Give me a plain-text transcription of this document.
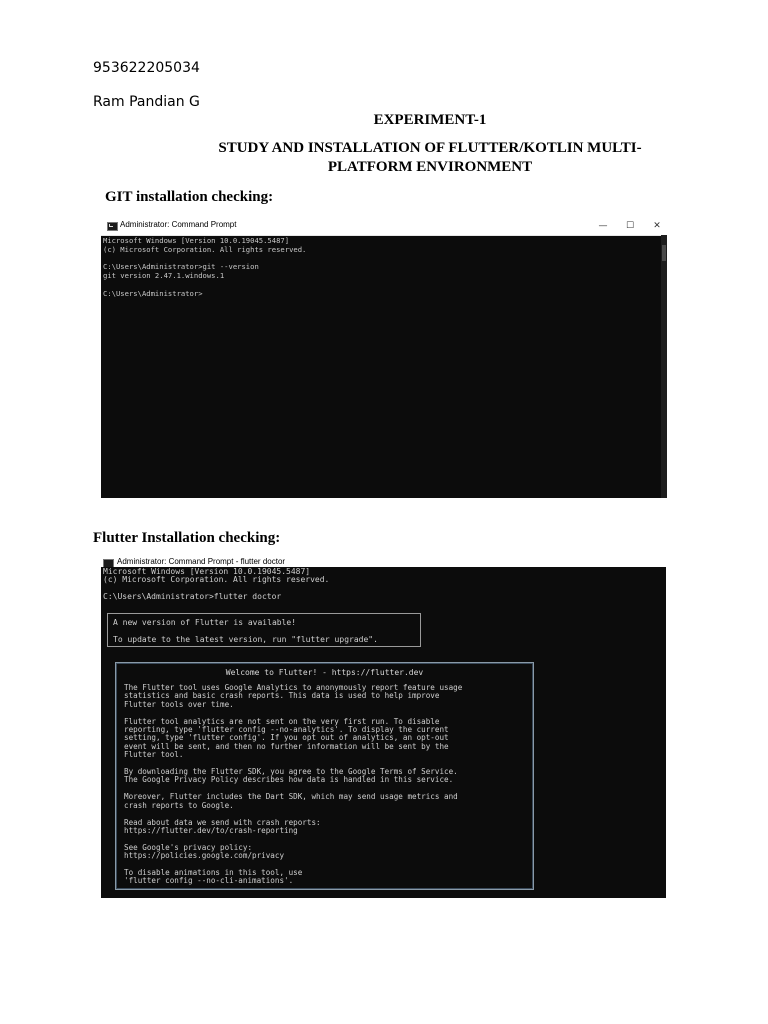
953622205034
Ram Pandian G
EXPERIMENT-1
STUDY AND INSTALLATION OF FLUTTER/KOTLIN MULTI-
PLATFORM ENVIRONMENT
GIT installation checking:
Administrator: Command Prompt	—	☐	✕
Microsoft Windows [Version 10.0.19045.5487]
(c) Microsoft Corporation. All rights reserved.

C:\Users\Administrator>git --version
git version 2.47.1.windows.1

C:\Users\Administrator>
Flutter Installation checking:
Administrator: Command Prompt - flutter doctor
Microsoft Windows [Version 10.0.19045.5487]
(c) Microsoft Corporation. All rights reserved.

C:\Users\Administrator>flutter doctor
A new version of Flutter is available!

To update to the latest version, run "flutter upgrade".
Welcome to Flutter! - https://flutter.dev
The Flutter tool uses Google Analytics to anonymously report feature usage
statistics and basic crash reports. This data is used to help improve
Flutter tools over time.

Flutter tool analytics are not sent on the very first run. To disable
reporting, type 'flutter config --no-analytics'. To display the current
setting, type 'flutter config'. If you opt out of analytics, an opt-out
event will be sent, and then no further information will be sent by the
Flutter tool.

By downloading the Flutter SDK, you agree to the Google Terms of Service.
The Google Privacy Policy describes how data is handled in this service.

Moreover, Flutter includes the Dart SDK, which may send usage metrics and
crash reports to Google.

Read about data we send with crash reports:
https://flutter.dev/to/crash-reporting

See Google's privacy policy:
https://policies.google.com/privacy

To disable animations in this tool, use
'flutter config --no-cli-animations'.
